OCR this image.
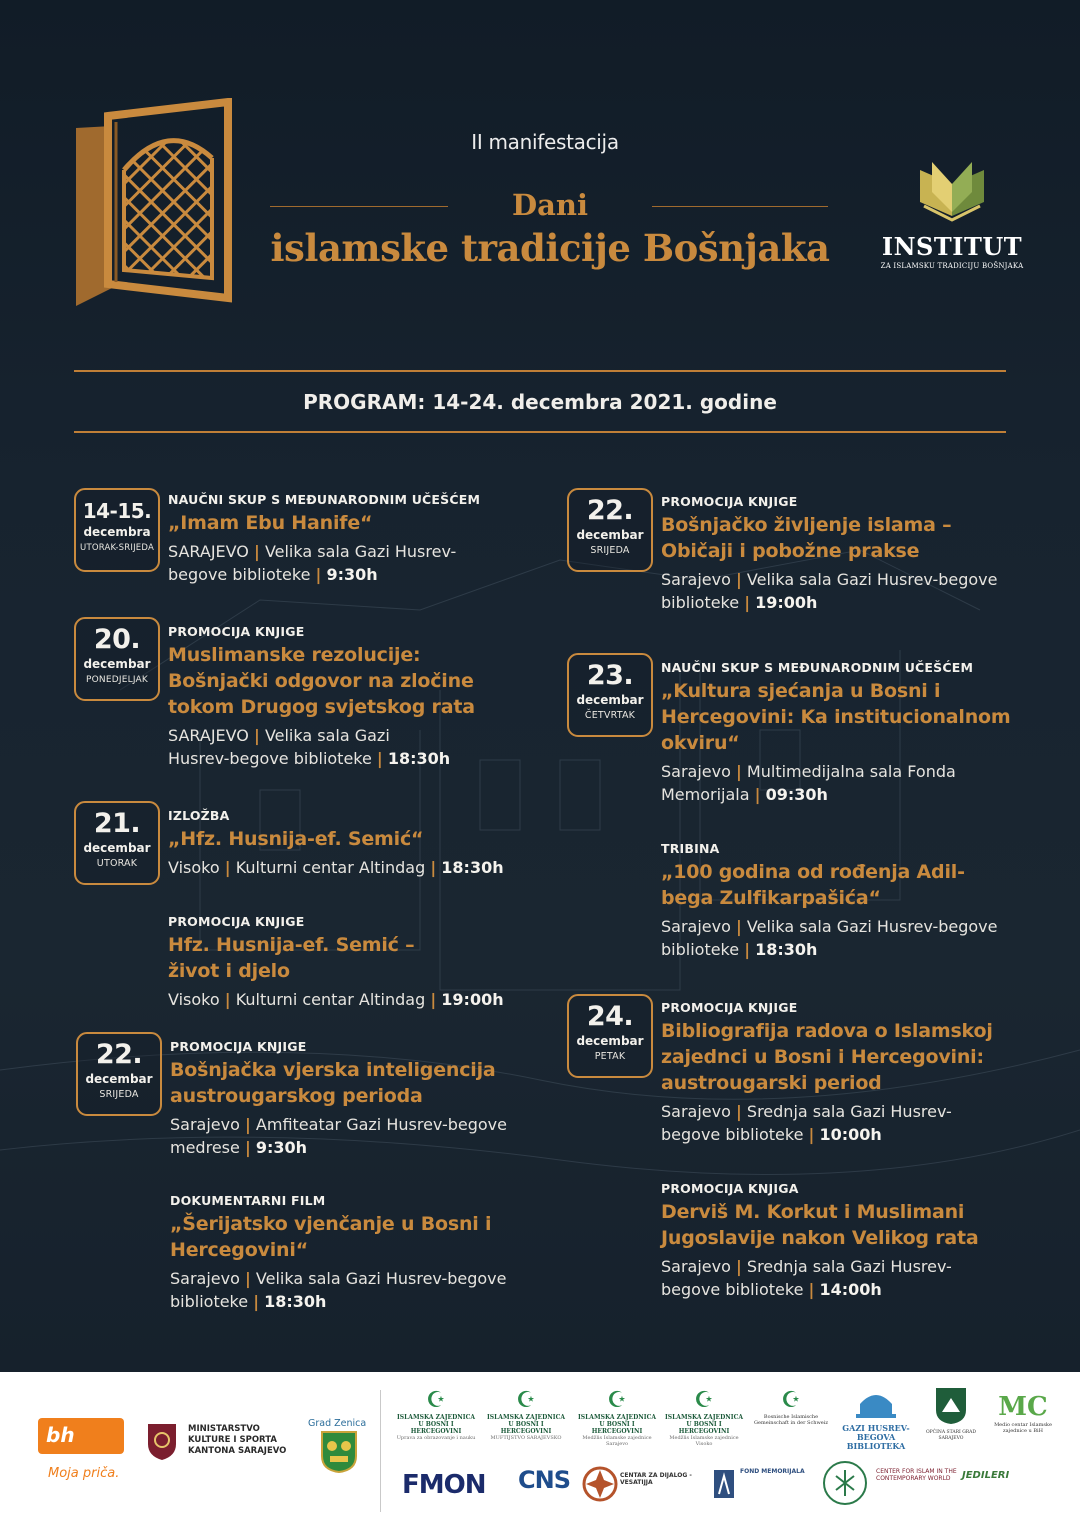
II manifestacija
Dani
islamske tradicije Bošnjaka	INSTITUT
ZA ISLAMSKU TRADICIJU BOŠNJAKA
PROGRAM: 14-24. decembra 2021. godine
14-15.
decembra
UTORAK-SRIJEDA
NAUČNI SKUP S MEĐUNARODNIM UČEŠĆEM
„Imam Ebu Hanife“
SARAJEVO | Velika sala Gazi Husrev-
begove biblioteke | 9:30h
20.
decembar
PONEDJELJAK
PROMOCIJA KNJIGE
Muslimanske rezolucije:
Bošnjački odgovor na zločine
tokom Drugog svjetskog rata
SARAJEVO | Velika sala Gazi
Husrev-begove biblioteke | 18:30h
21.
decembar
UTORAK
IZLOŽBA
„Hfz. Husnija-ef. Semić“
Visoko | Kulturni centar Altindag | 18:30h
PROMOCIJA KNJIGE
Hfz. Husnija-ef. Semić –
život i djelo
Visoko | Kulturni centar Altindag | 19:00h
22.
decembar
SRIJEDA
PROMOCIJA KNJIGE
Bošnjačka vjerska inteligencija
austrougarskog perioda
Sarajevo | Amfiteatar Gazi Husrev-begove
medrese | 9:30h
DOKUMENTARNI FILM
„Šerijatsko vjenčanje u Bosni i
Hercegovini“
Sarajevo | Velika sala Gazi Husrev-begove
biblioteke | 18:30h
22.
decembar
SRIJEDA
PROMOCIJA KNJIGE
Bošnjačko življenje islama –
Običaji i pobožne prakse
Sarajevo | Velika sala Gazi Husrev-begove
biblioteke | 19:00h
23.
decembar
ČETVRTAK
NAUČNI SKUP S MEĐUNARODNIM UČEŠĆEM
„Kultura sjećanja u Bosni i
Hercegovini: Ka institucionalnom
okviru“
Sarajevo | Multimedijalna sala Fonda
Memorijala | 09:30h
TRIBINA
„100 godina od rođenja Adil-
bega Zulfikarpašića“
Sarajevo | Velika sala Gazi Husrev-begove
biblioteke | 18:30h
24.
decembar
PETAK
PROMOCIJA KNJIGE
Bibliografija radova o Islamskoj
zajednci u Bosni i Hercegovini:
austrougarski period
Sarajevo | Srednja sala Gazi Husrev-
begove biblioteke | 10:00h
PROMOCIJA KNJIGA
Derviš M. Korkut i Muslimani
Jugoslavije nakon Velikog rata
Sarajevo | Srednja sala Gazi Husrev-
begove biblioteke | 14:00h
bh ●●●
Moja priča.
MINISTARSTVO KULTURE I SPORTA KANTONA SARAJEVO
Grad Zenica
☪
ISLAMSKA ZAJEDNICA U BOSNI I HERCEGOVINI
Uprava za obrazovanje i nauku
☪
ISLAMSKA ZAJEDNICA U BOSNI I HERCEGOVINI
MUFTIJSTVO SARAJEVSKO
☪
ISLAMSKA ZAJEDNICA U BOSNI I HERCEGOVINI
Medžlis Islamske zajednice Sarajevo
☪
ISLAMSKA ZAJEDNICA U BOSNI I HERCEGOVINI
Medžlis Islamske zajednice Visoko
☪
Bosnische Islamische Gemeinschaft in der Schweiz	GAZI HUSREV-BEGOVA BIBLIOTEKA
OPĆINA STARI GRAD SARAJEVO
MC
Medio centar Islamske zajednice u BiH
FMON CNS	CENTAR ZA DIJALOG - VESATIJJA
FOND MEMORIJALA	CENTER FOR ISLAM IN THE CONTEMPORARY WORLD	JEDILERI
